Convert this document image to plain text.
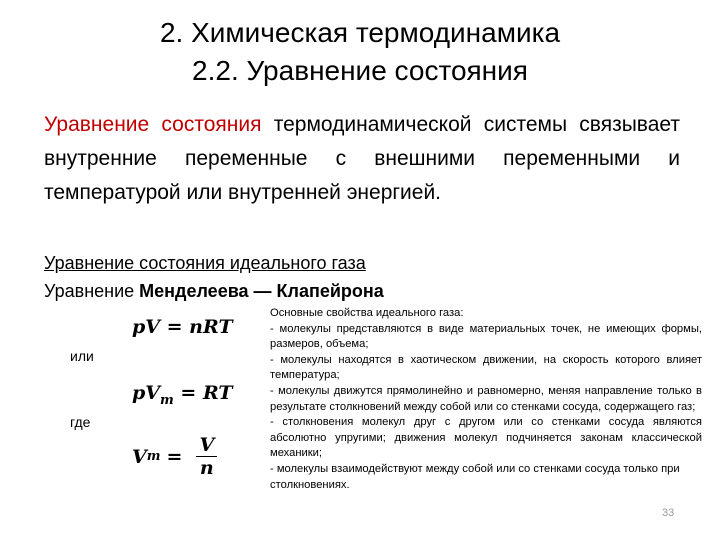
2. Химическая термодинамика
2.2. Уравнение состояния
Уравнение состояния термодинамической системы связывает внутренние переменные с внешними переменными и температурой или внутренней энергией.
Уравнение состояния идеального газа
Уравнение Менделеева — Клапейрона
pV = nRT
или
$pV_m$ = RT
где
V $m = \frac{V}{n}$
Основные свойства идеального газа:
- молекулы представляются в виде материальных точек, не имеющих формы, размеров, объема;
- молекулы находятся в хаотическом движении, на скорость которого влияет температура;
- молекулы движутся прямолинейно и равномерно, меняя направление только в результате столкновений между собой или со стенками сосуда, содержащего газ;
- столкновения молекул друг с другом или со стенками сосуда являются абсолютно упругими; движения молекул подчиняется законам классической механики;
- молекулы взаимодействуют между собой или со стенками сосуда только при столкновениях.
33
